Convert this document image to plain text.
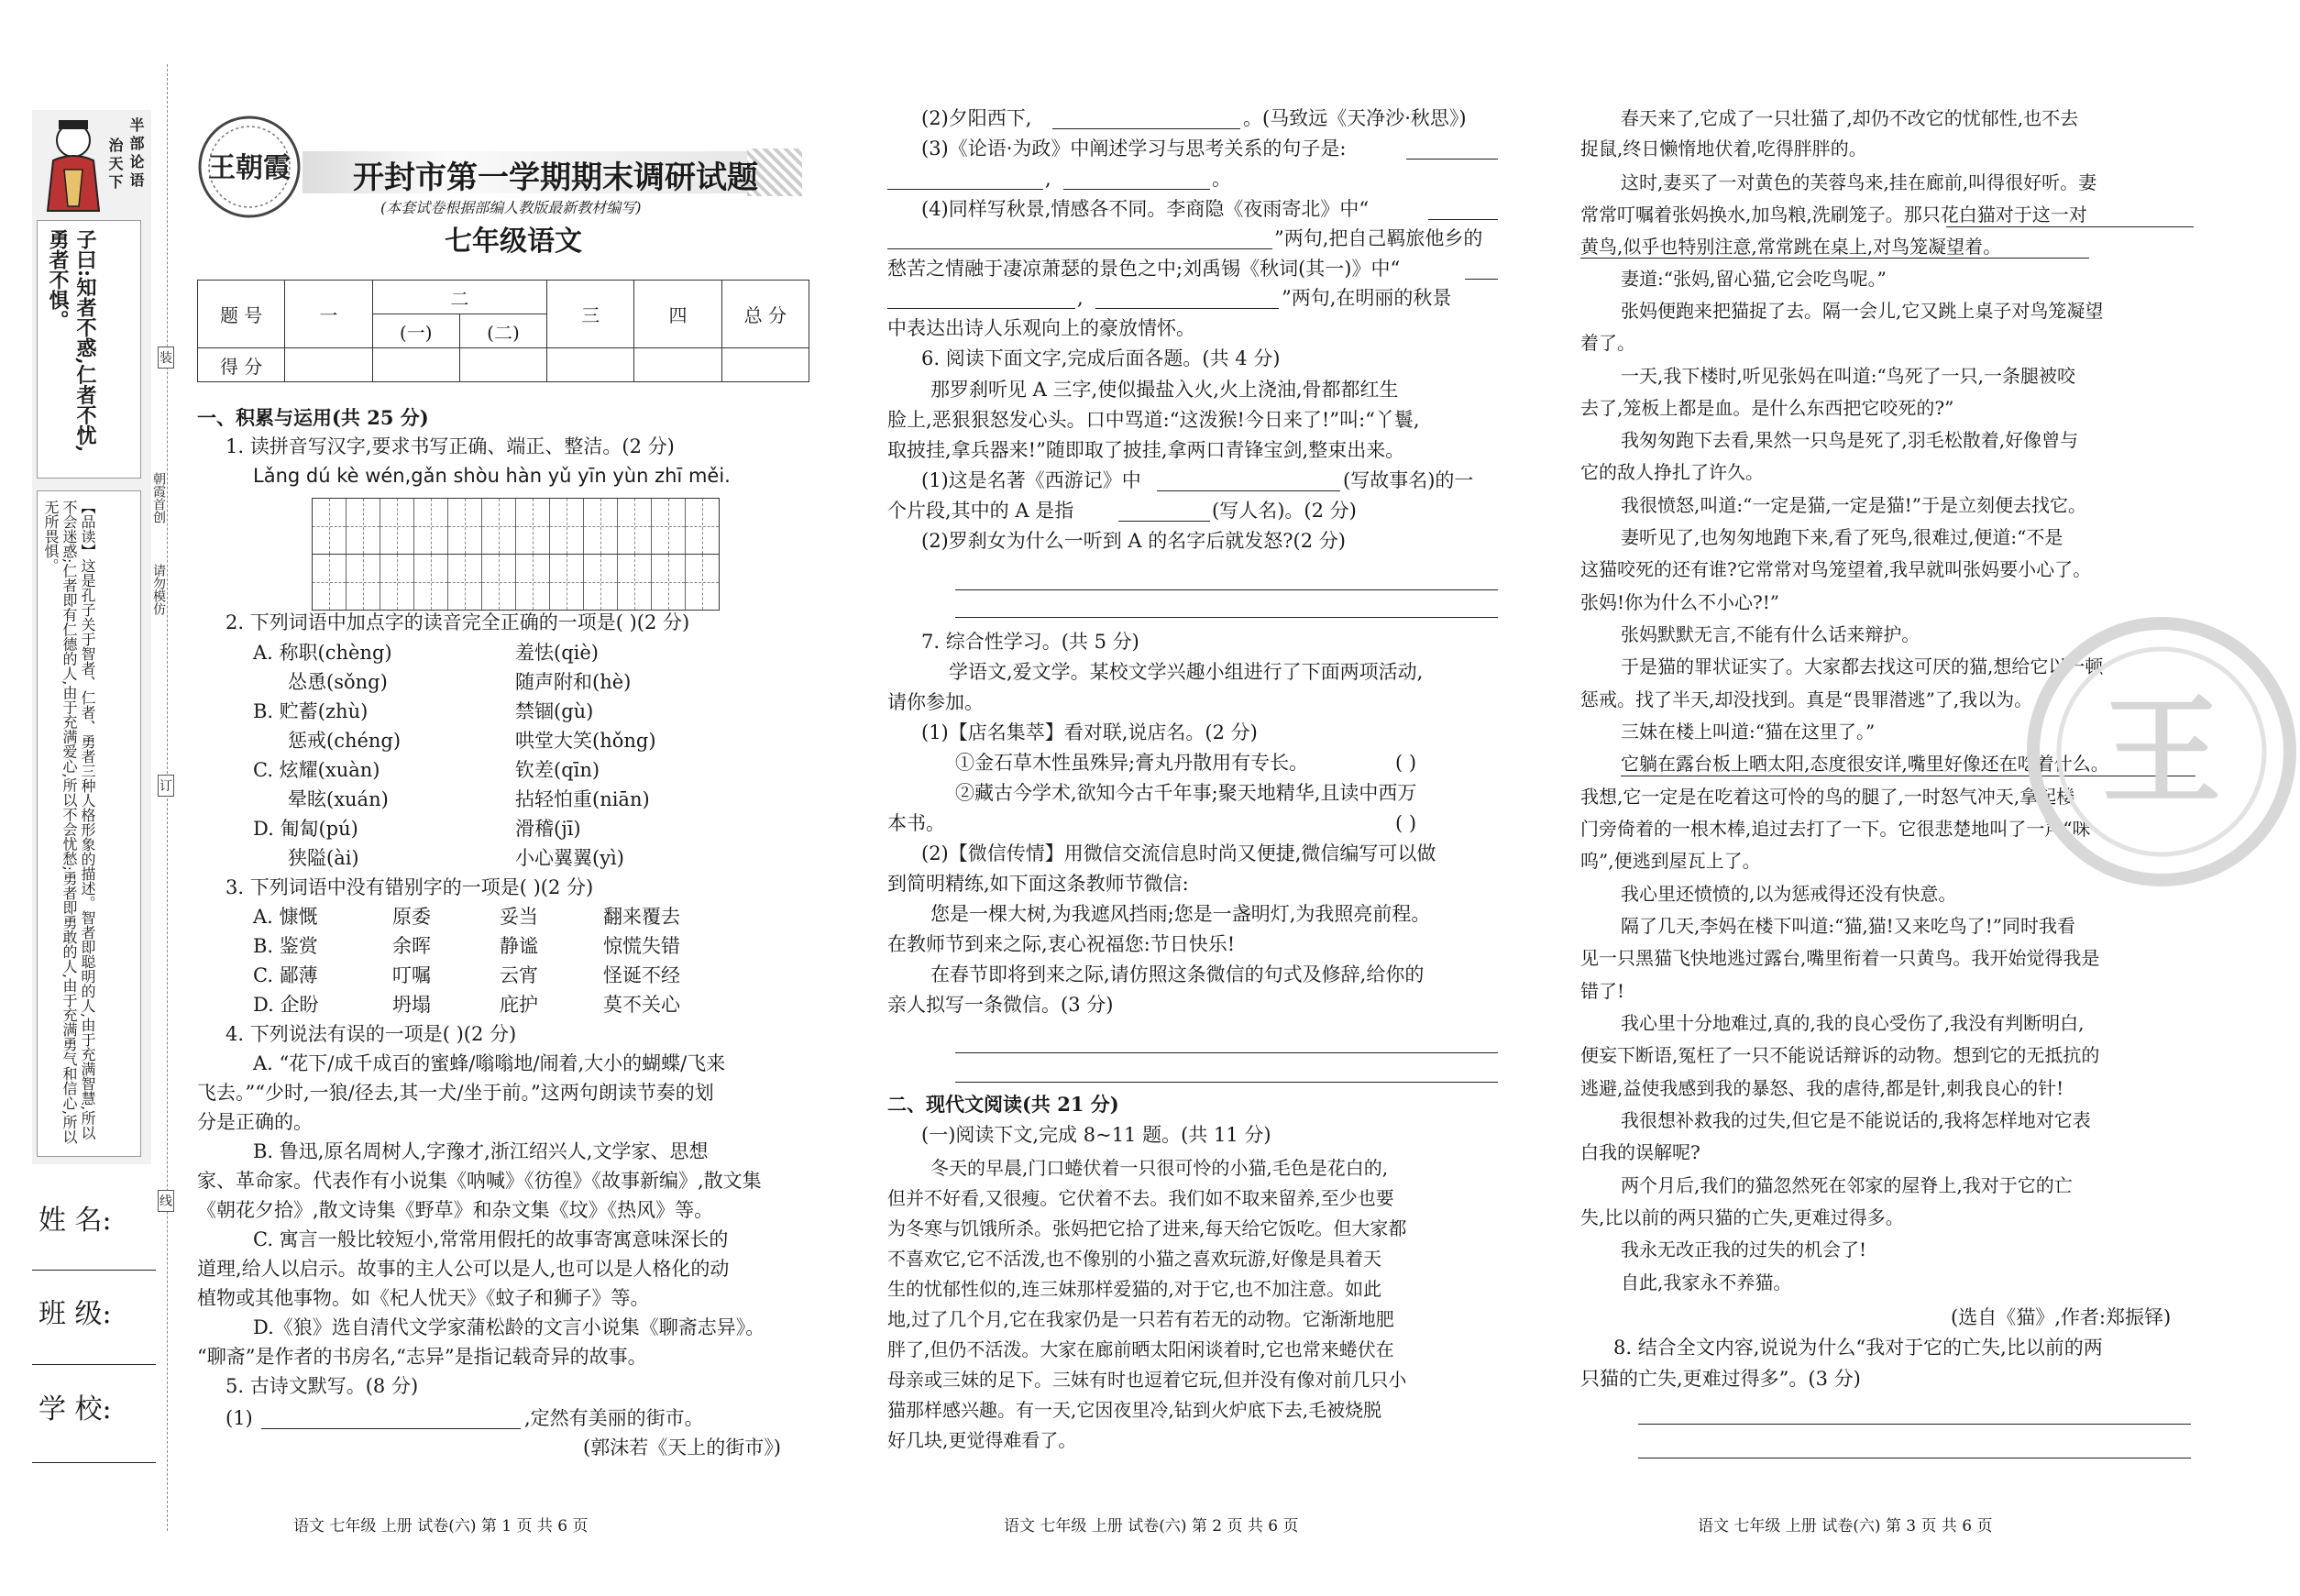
半部论语
治天下
子曰:知者不惑,仁者不忧,勇者不惧。
【品读】这是孔子关于智者、仁者、勇者三种人格形象的描述。智者即聪明的人,由于充满智慧,所以不会迷惑;仁者即有仁德的人,由于充满爱心,所以不会忧愁;勇者即勇敢的人,由于充满勇气和信心,所以无所畏惧。
姓 名:
班 级:
学 校:
装
订
线
朝霞首创
请勿模仿
王朝霞 开封市第一学期期末调研试题
(本套试卷根据部编人教版最新教材编写)
七年级语文
题 号	一	二		三	四	总 分
		(一)	(二)			
得 分						
一、积累与运用(共 25 分)
1. 读拼音写汉字,要求书写正确、端正、整洁。(2 分)
Lǎng dú kè wén,gǎn shòu hàn yǔ yīn yùn zhī měi.
2. 下列词语中加点字的读音完全正确的一项是( )(2 分)
A. 称职(chèng)	羞怯(qiè)
怂恿(sǒng)	随声附和(hè)
B. 贮蓄(zhù)	禁锢(gù)
惩戒(chéng)	哄堂大笑(hǒng)
C. 炫耀(xuàn)	钦差(qīn)
晕眩(xuán)	拈轻怕重(niān)
D. 匍匐(pú)	滑稽(jī)
狭隘(ài)	小心翼翼(yì)
3. 下列词语中没有错别字的一项是( )(2 分)
A. 慷慨	原委	妥当	翻来覆去
B. 鉴赏	余晖	静谧	惊慌失错
C. 鄙薄	叮嘱	云宵	怪诞不经
D. 企盼	坍塌	庇护	莫不关心
4. 下列说法有误的一项是( )(2 分)
A. “花下/成千成百的蜜蜂/嗡嗡地/闹着,大小的蝴蝶/飞来
飞去。”“少时,一狼/径去,其一犬/坐于前。”这两句朗读节奏的划
分是正确的。
B. 鲁迅,原名周树人,字豫才,浙江绍兴人,文学家、思想
家、革命家。代表作有小说集《呐喊》《彷徨》《故事新编》,散文集
《朝花夕拾》,散文诗集《野草》和杂文集《坟》《热风》等。
C. 寓言一般比较短小,常常用假托的故事寄寓意味深长的
道理,给人以启示。故事的主人公可以是人,也可以是人格化的动
植物或其他事物。如《杞人忧天》《蚊子和狮子》等。
D.《狼》选自清代文学家蒲松龄的文言小说集《聊斋志异》。
“聊斋”是作者的书房名,“志异”是指记载奇异的故事。
5. 古诗文默写。(8 分)
(1)	,定然有美丽的街市。
(郭沫若《天上的街市》)
语文 七年级 上册 试卷(六) 第 1 页 共 6 页
(2)夕阳西下,	。(马致远《天净沙·秋思》)
(3)《论语·为政》中阐述学习与思考关系的句子是:
,	。
(4)同样写秋景,情感各不同。李商隐《夜雨寄北》中“
”两句,把自己羁旅他乡的
愁苦之情融于凄凉萧瑟的景色之中;刘禹锡《秋词(其一)》中“
,	”两句,在明丽的秋景
中表达出诗人乐观向上的豪放情怀。
6. 阅读下面文字,完成后面各题。(共 4 分)
那罗刹听见 A 三字,使似撮盐入火,火上浇油,骨都都红生
脸上,恶狠狠怒发心头。口中骂道:“这泼猴!今日来了!”叫:“丫鬟,
取披挂,拿兵器来!”随即取了披挂,拿两口青锋宝剑,整束出来。
(1)这是名著《西游记》中	(写故事名)的一
个片段,其中的 A 是指	(写人名)。(2 分)
(2)罗刹女为什么一听到 A 的名字后就发怒?(2 分)
7. 综合性学习。(共 5 分)
学语文,爱文学。某校文学兴趣小组进行了下面两项活动,
请你参加。
(1)【店名集萃】看对联,说店名。(2 分)
①金石草木性虽殊异;膏丸丹散用有专长。	( )
②藏古今学术,欲知今古千年事;聚天地精华,且读中西万
本书。	( )
(2)【微信传情】用微信交流信息时尚又便捷,微信编写可以做
到简明精练,如下面这条教师节微信:
您是一棵大树,为我遮风挡雨;您是一盏明灯,为我照亮前程。
在教师节到来之际,衷心祝福您:节日快乐!
在春节即将到来之际,请仿照这条微信的句式及修辞,给你的
亲人拟写一条微信。(3 分)
二、现代文阅读(共 21 分)
(一)阅读下文,完成 8~11 题。(共 11 分)
冬天的早晨,门口蜷伏着一只很可怜的小猫,毛色是花白的,
但并不好看,又很瘦。它伏着不去。我们如不取来留养,至少也要
为冬寒与饥饿所杀。张妈把它拾了进来,每天给它饭吃。但大家都
不喜欢它,它不活泼,也不像别的小猫之喜欢玩游,好像是具着天
生的忧郁性似的,连三妹那样爱猫的,对于它,也不加注意。如此
地,过了几个月,它在我家仍是一只若有若无的动物。它渐渐地肥
胖了,但仍不活泼。大家在廊前晒太阳闲谈着时,它也常来蜷伏在
母亲或三妹的足下。三妹有时也逗着它玩,但并没有像对前几只小
猫那样感兴趣。有一天,它因夜里冷,钻到火炉底下去,毛被烧脱
好几块,更觉得难看了。
语文 七年级 上册 试卷(六) 第 2 页 共 6 页
春天来了,它成了一只壮猫了,却仍不改它的忧郁性,也不去
捉鼠,终日懒惰地伏着,吃得胖胖的。
这时,妻买了一对黄色的芙蓉鸟来,挂在廊前,叫得很好听。妻
常常叮嘱着张妈换水,加鸟粮,洗刷笼子。那只花白猫对于这一对
黄鸟,似乎也特别注意,常常跳在桌上,对鸟笼凝望着。
妻道:“张妈,留心猫,它会吃鸟呢。”
张妈便跑来把猫捉了去。隔一会儿,它又跳上桌子对鸟笼凝望
着了。
一天,我下楼时,听见张妈在叫道:“鸟死了一只,一条腿被咬
去了,笼板上都是血。是什么东西把它咬死的?”
我匆匆跑下去看,果然一只鸟是死了,羽毛松散着,好像曾与
它的敌人挣扎了许久。
我很愤怒,叫道:“一定是猫,一定是猫!”于是立刻便去找它。
妻听见了,也匆匆地跑下来,看了死鸟,很难过,便道:“不是
这猫咬死的还有谁?它常常对鸟笼望着,我早就叫张妈要小心了。
张妈!你为什么不小心?!”
张妈默默无言,不能有什么话来辩护。
于是猫的罪状证实了。大家都去找这可厌的猫,想给它以一顿
惩戒。找了半天,却没找到。真是“畏罪潜逃”了,我以为。
三妹在楼上叫道:“猫在这里了。”
它躺在露台板上晒太阳,态度很安详,嘴里好像还在吃着什么。
我想,它一定是在吃着这可怜的鸟的腿了,一时怒气冲天,拿起楼
门旁倚着的一根木棒,追过去打了一下。它很悲楚地叫了一声“咪
呜”,便逃到屋瓦上了。
我心里还愤愤的,以为惩戒得还没有快意。
隔了几天,李妈在楼下叫道:“猫,猫!又来吃鸟了!”同时我看
见一只黑猫飞快地逃过露台,嘴里衔着一只黄鸟。我开始觉得我是
错了!
我心里十分地难过,真的,我的良心受伤了,我没有判断明白,
便妄下断语,冤枉了一只不能说话辩诉的动物。想到它的无抵抗的
逃避,益使我感到我的暴怒、我的虐待,都是针,刺我良心的针!
我很想补救我的过失,但它是不能说话的,我将怎样地对它表
白我的误解呢?
两个月后,我们的猫忽然死在邻家的屋脊上,我对于它的亡
失,比以前的两只猫的亡失,更难过得多。
我永无改正我的过失的机会了!
自此,我家永不养猫。
(选自《猫》,作者:郑振铎)
8. 结合全文内容,说说为什么“我对于它的亡失,比以前的两
只猫的亡失,更难过得多”。(3 分)
语文 七年级 上册 试卷(六) 第 3 页 共 6 页
王
